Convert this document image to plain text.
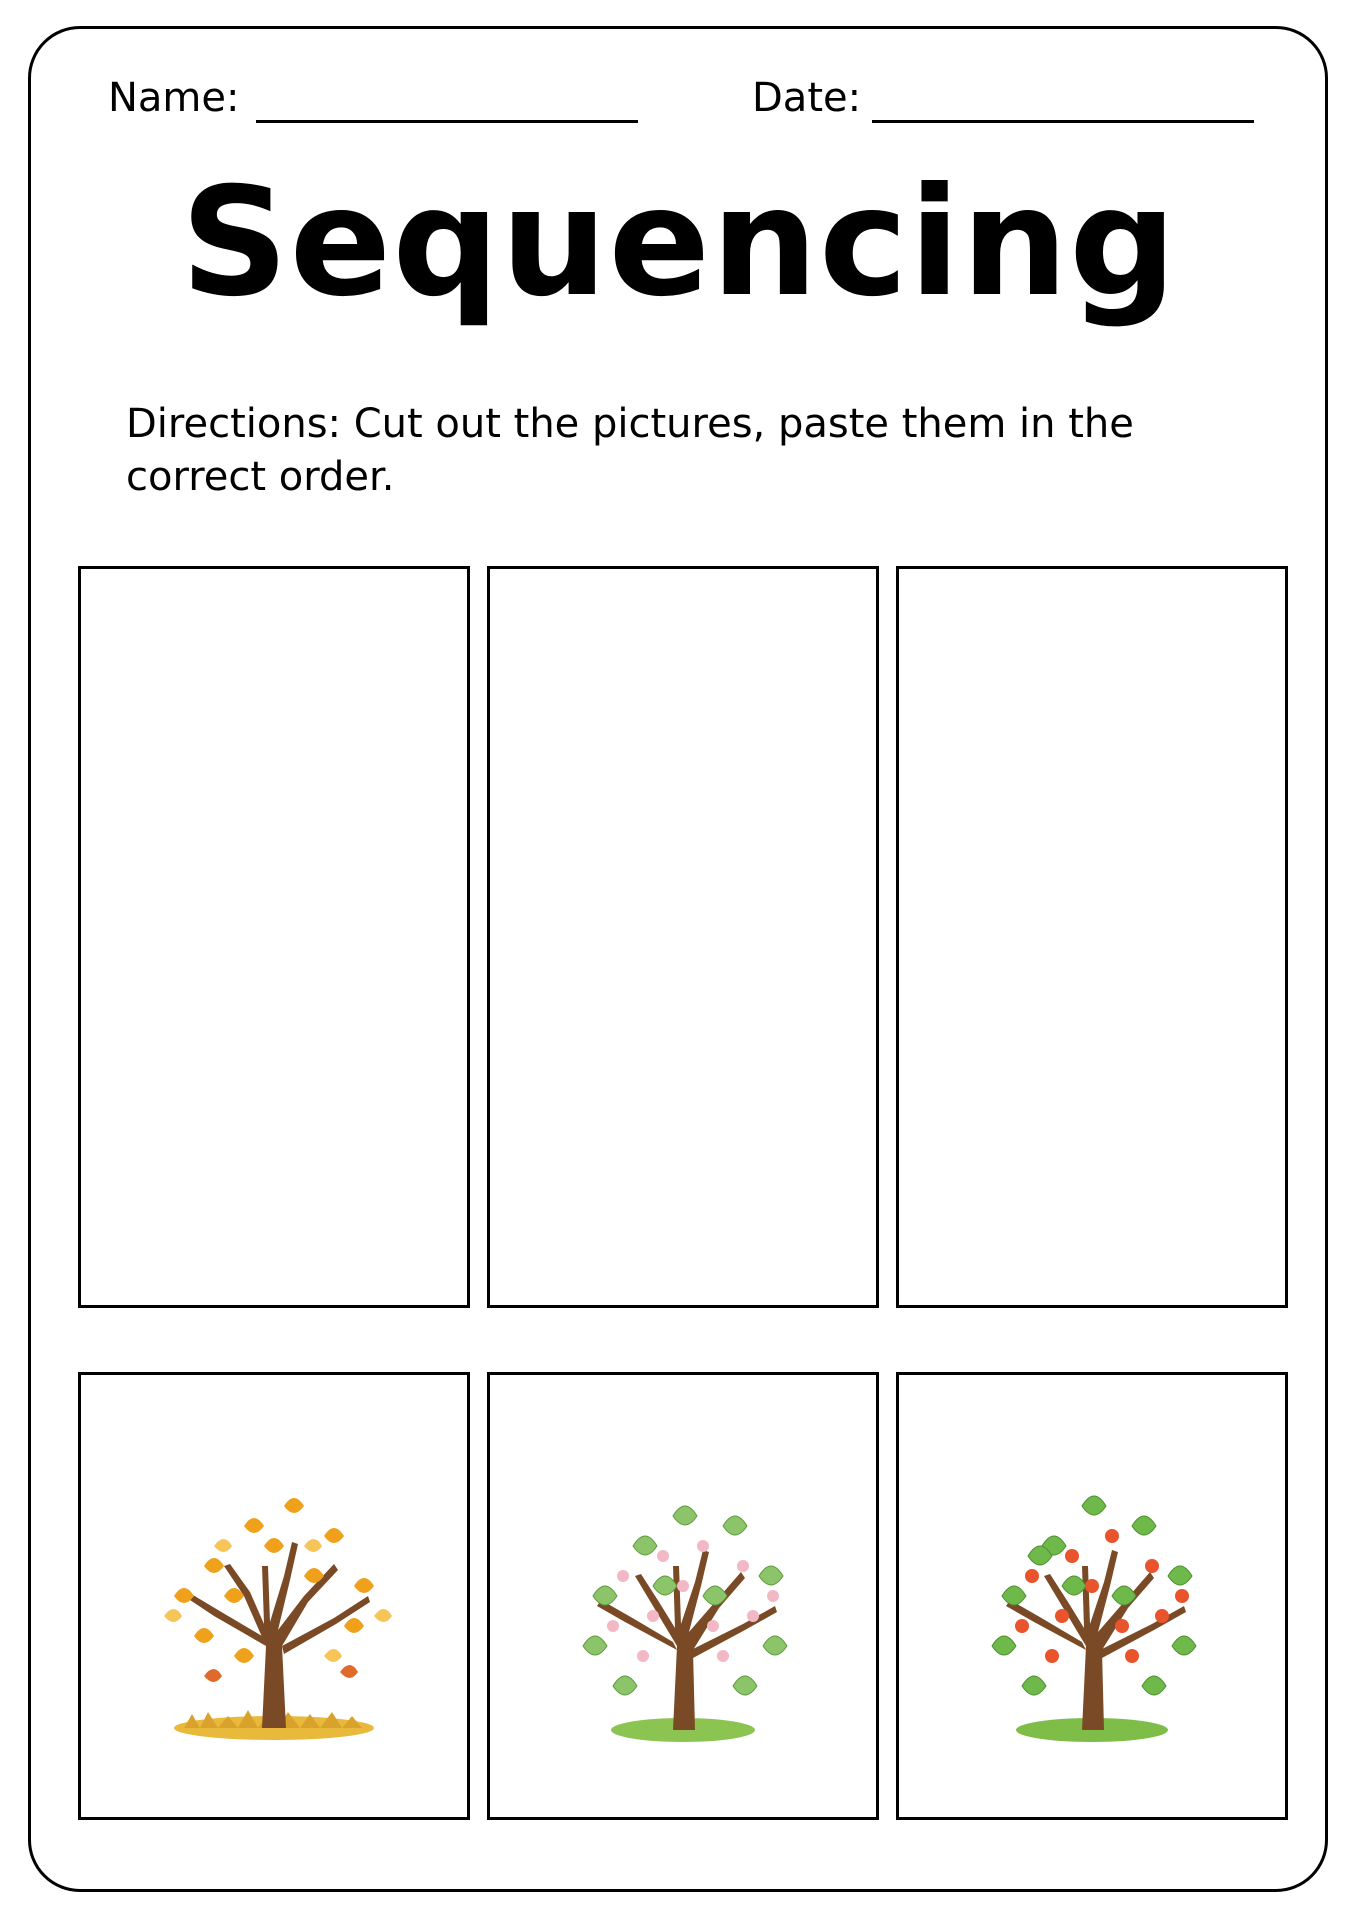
Name:	Date:
Sequencing
Directions: Cut out the pictures, paste them in the correct order.
